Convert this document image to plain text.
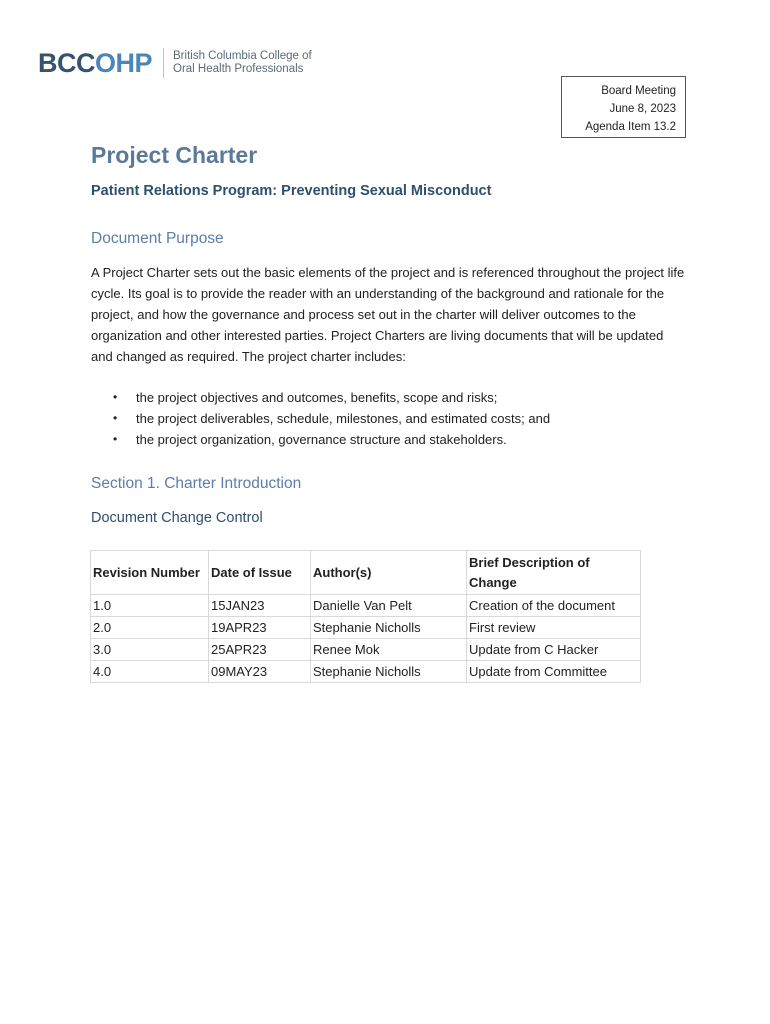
BCCOHP British Columbia College of
Oral Health Professionals
Board Meeting
June 8, 2023
Agenda Item 13.2
Project Charter
Patient Relations Program: Preventing Sexual Misconduct
Document Purpose

A Project Charter sets out the basic elements of the project and is referenced throughout the project life cycle. Its goal is to provide the reader with an understanding of the background and rationale for the project, and how the governance and process set out in the charter will deliver outcomes to the organization and other interested parties. Project Charters are living documents that will be updated and changed as required. The project charter includes:

• the project objectives and outcomes, benefits, scope and risks;
• the project deliverables, schedule, milestones, and estimated costs; and
• the project organization, governance structure and stakeholders.
Section 1. Charter Introduction
Document Change Control
Revision Number	Date of Issue	Author(s)	Brief Description of Change
1.0	15JAN23	Danielle Van Pelt	Creation of the document
2.0	19APR23	Stephanie Nicholls	First review
3.0	25APR23	Renee Mok	Update from C Hacker
4.0	09MAY23	Stephanie Nicholls	Update from Committee
